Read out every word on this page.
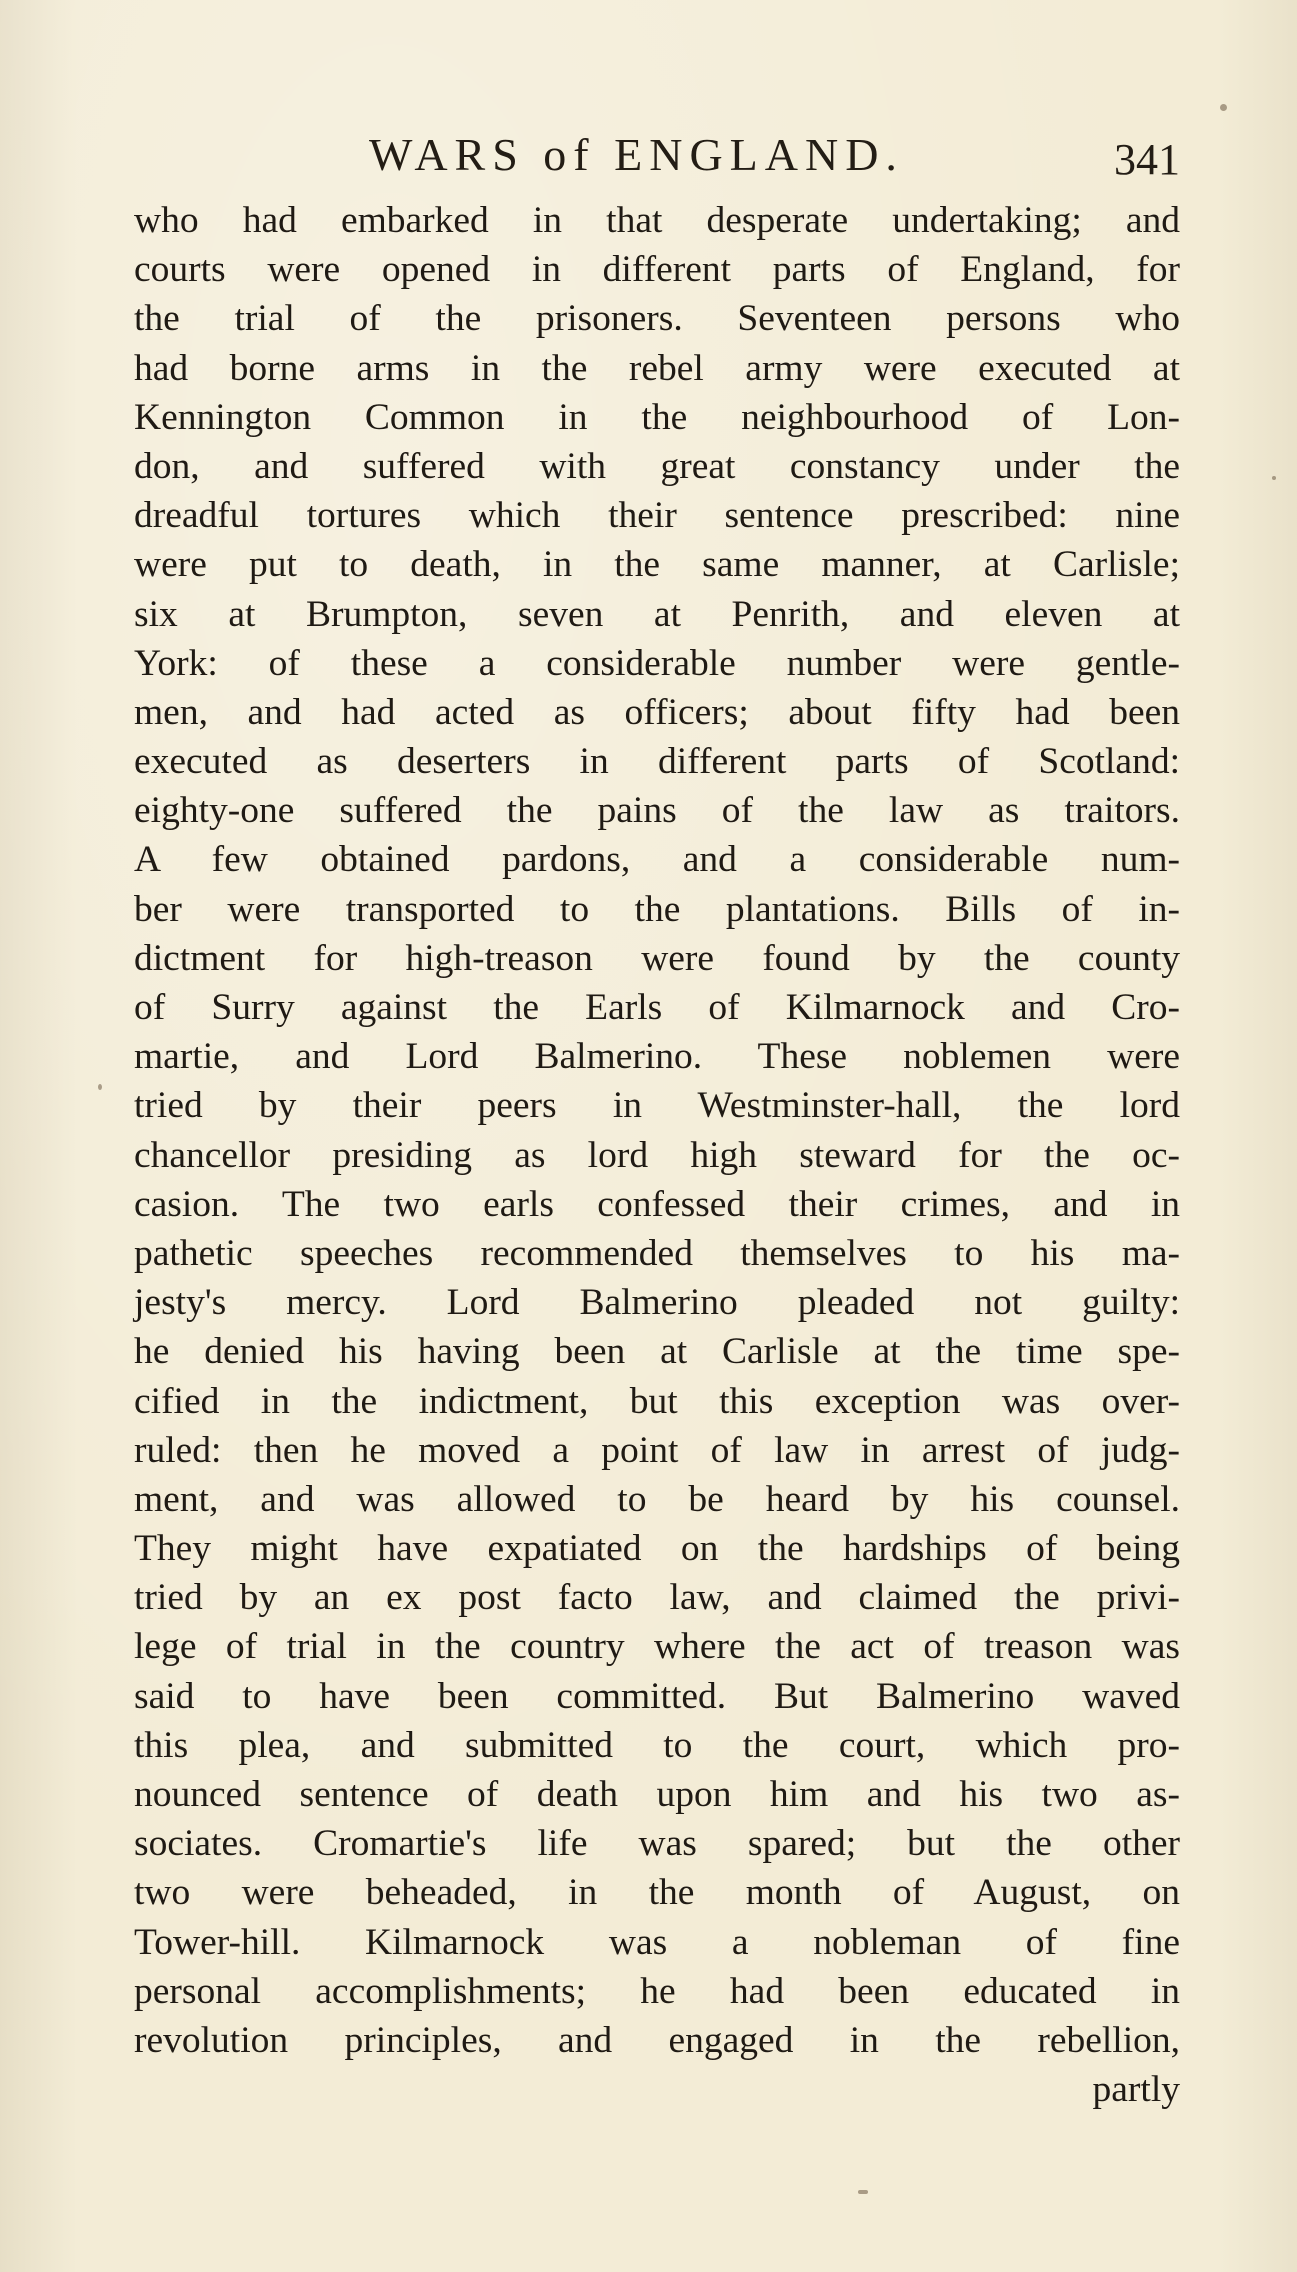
WARS of ENGLAND.	341
who had embarked in that desperate undertaking; and
courts were opened in different parts of England, for
the trial of the prisoners. Seventeen persons who
had borne arms in the rebel army were executed at
Kennington Common in the neighbourhood of Lon-
don, and suffered with great constancy under the
dreadful tortures which their sentence prescribed: nine
were put to death, in the same manner, at Carlisle;
six at Brumpton, seven at Penrith, and eleven at
York: of these a considerable number were gentle-
men, and had acted as officers; about fifty had been
executed as deserters in different parts of Scotland:
eighty-one suffered the pains of the law as traitors.
A few obtained pardons, and a considerable num-
ber were transported to the plantations. Bills of in-
dictment for high-treason were found by the county
of Surry against the Earls of Kilmarnock and Cro-
martie, and Lord Balmerino. These noblemen were
tried by their peers in Westminster-hall, the lord
chancellor presiding as lord high steward for the oc-
casion. The two earls confessed their crimes, and in
pathetic speeches recommended themselves to his ma-
jesty's mercy. Lord Balmerino pleaded not guilty:
he denied his having been at Carlisle at the time spe-
cified in the indictment, but this exception was over-
ruled: then he moved a point of law in arrest of judg-
ment, and was allowed to be heard by his counsel.
They might have expatiated on the hardships of being
tried by an ex post facto law, and claimed the privi-
lege of trial in the country where the act of treason was
said to have been committed. But Balmerino waved
this plea, and submitted to the court, which pro-
nounced sentence of death upon him and his two as-
sociates. Cromartie's life was spared; but the other
two were beheaded, in the month of August, on
Tower-hill. Kilmarnock was a nobleman of fine
personal accomplishments; he had been educated in
revolution principles, and engaged in the rebellion,
partly
